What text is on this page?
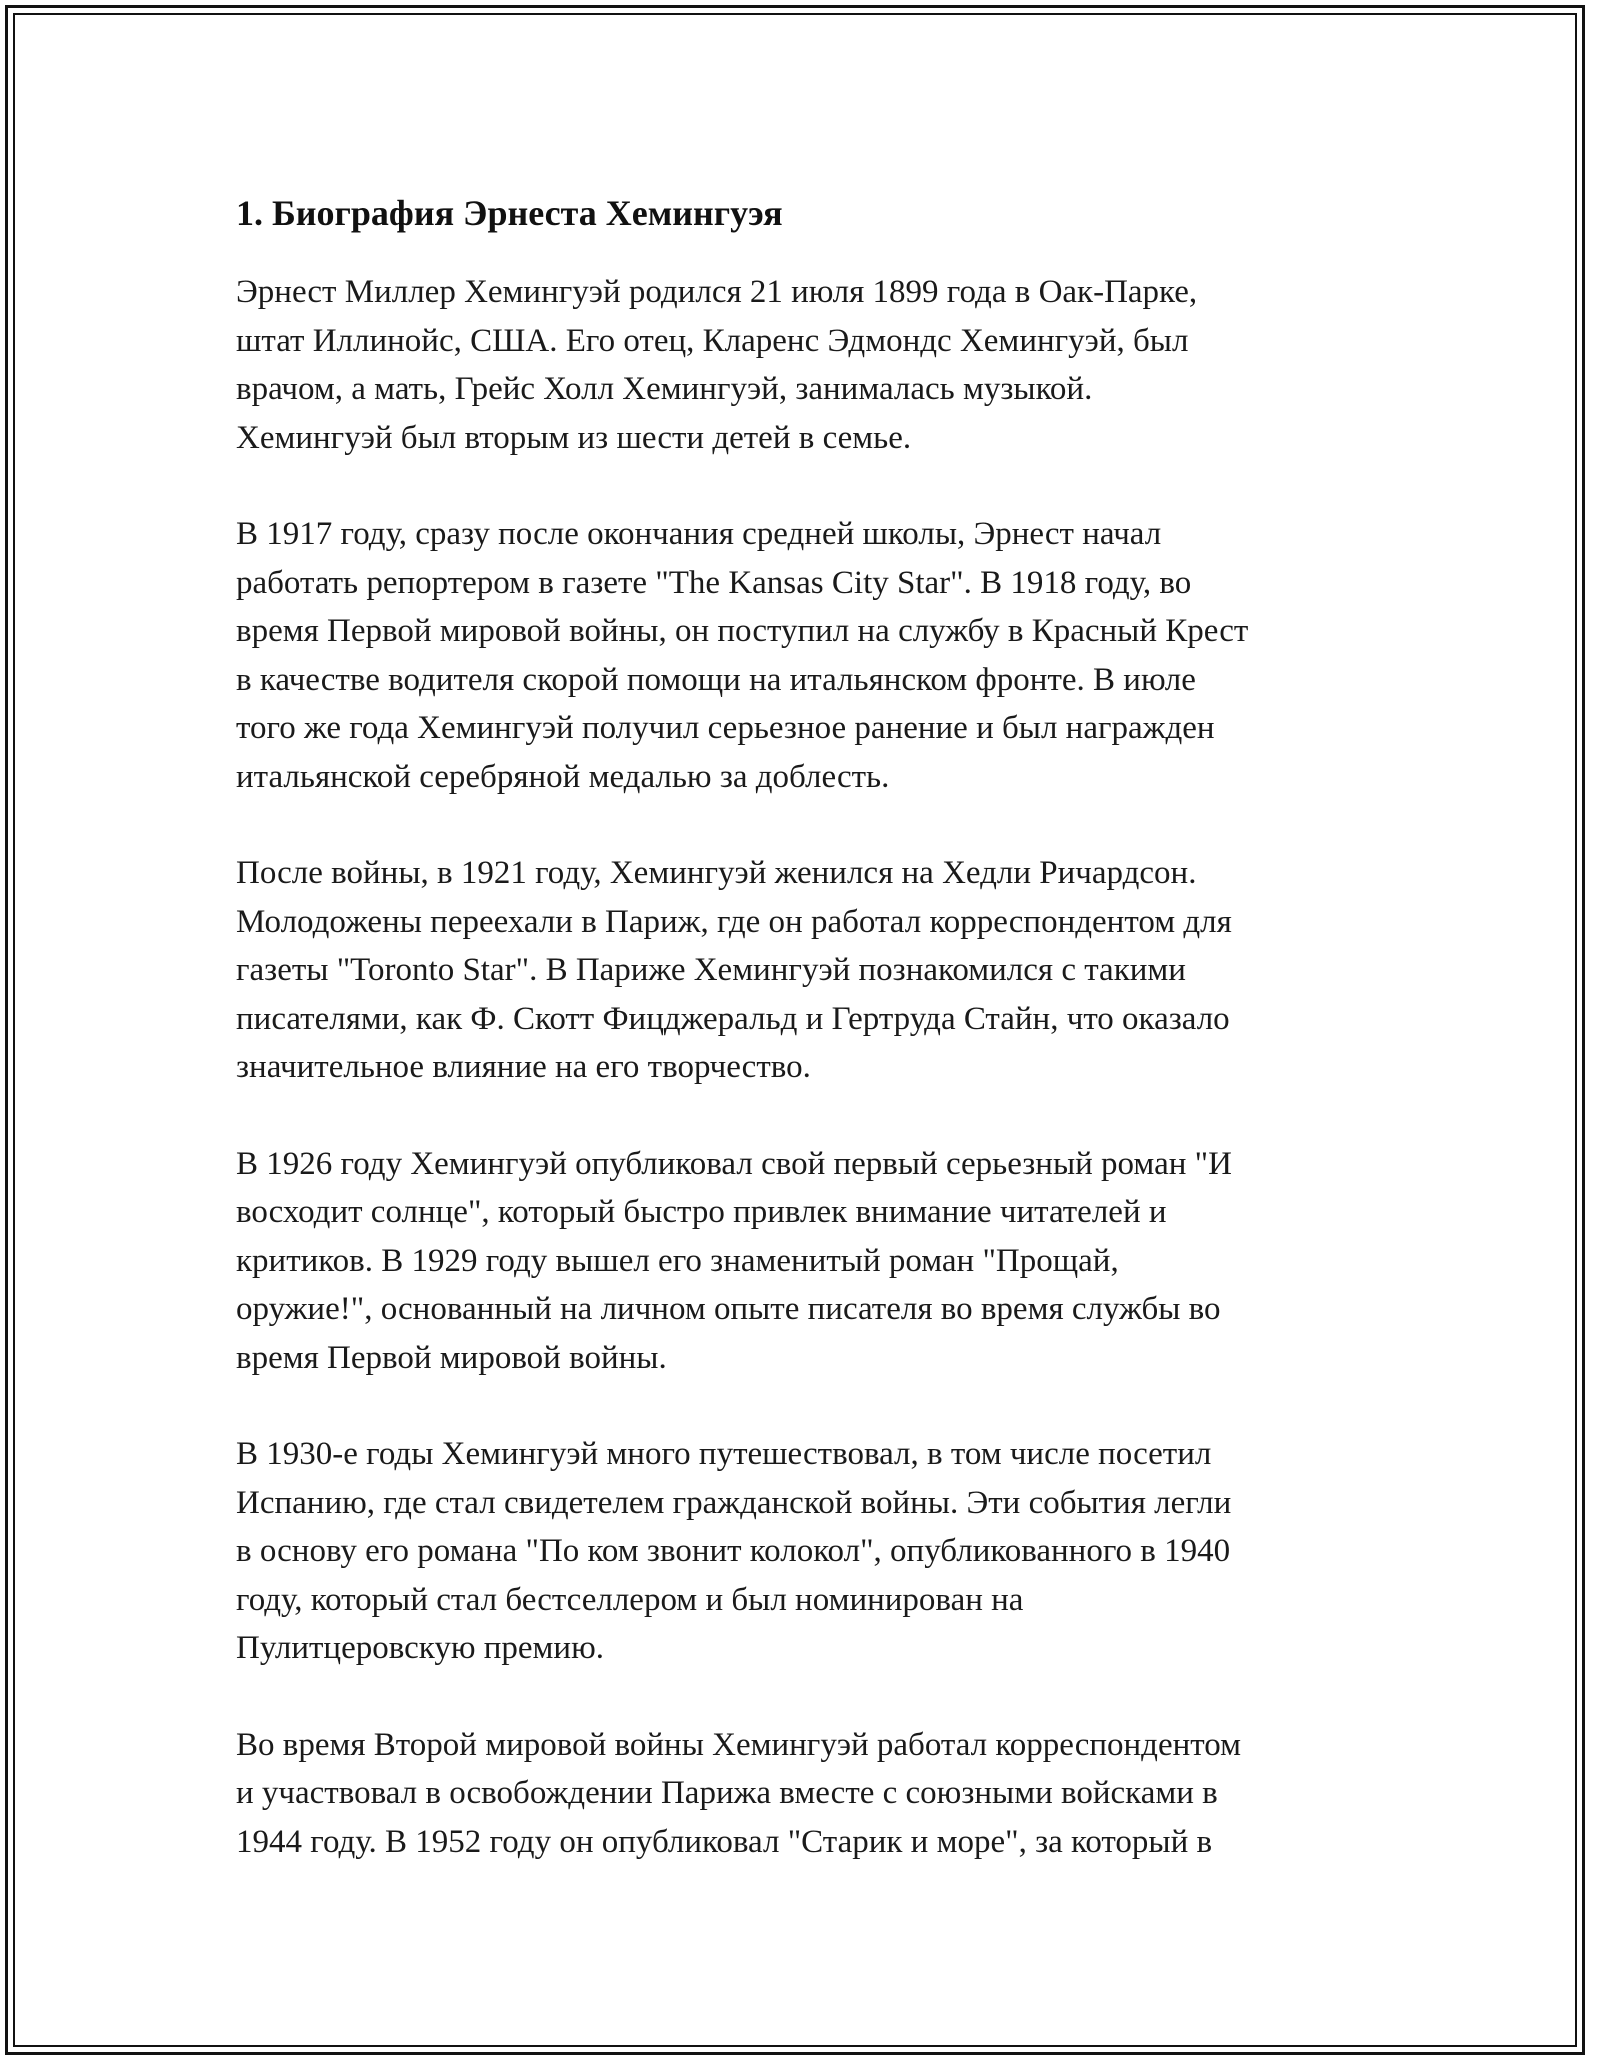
1. Биография Эрнеста Хемингуэя

Эрнест Миллер Хемингуэй родился 21 июля 1899 года в Оак-Парке,
штат Иллинойс, США. Его отец, Кларенс Эдмондс Хемингуэй, был
врачом, а мать, Грейс Холл Хемингуэй, занималась музыкой.
Хемингуэй был вторым из шести детей в семье.

В 1917 году, сразу после окончания средней школы, Эрнест начал
работать репортером в газете "The Kansas City Star". В 1918 году, во
время Первой мировой войны, он поступил на службу в Красный Крест
в качестве водителя скорой помощи на итальянском фронте. В июле
того же года Хемингуэй получил серьезное ранение и был награжден
итальянской серебряной медалью за доблесть.

После войны, в 1921 году, Хемингуэй женился на Хедли Ричардсон.
Молодожены переехали в Париж, где он работал корреспондентом для
газеты "Toronto Star". В Париже Хемингуэй познакомился с такими
писателями, как Ф. Скотт Фицджеральд и Гертруда Стайн, что оказало
значительное влияние на его творчество.

В 1926 году Хемингуэй опубликовал свой первый серьезный роман "И
восходит солнце", который быстро привлек внимание читателей и
критиков. В 1929 году вышел его знаменитый роман "Прощай,
оружие!", основанный на личном опыте писателя во время службы во
время Первой мировой войны.

В 1930-е годы Хемингуэй много путешествовал, в том числе посетил
Испанию, где стал свидетелем гражданской войны. Эти события легли
в основу его романа "По ком звонит колокол", опубликованного в 1940
году, который стал бестселлером и был номинирован на
Пулитцеровскую премию.

Во время Второй мировой войны Хемингуэй работал корреспондентом
и участвовал в освобождении Парижа вместе с союзными войсками в
1944 году. В 1952 году он опубликовал "Старик и море", за который в
